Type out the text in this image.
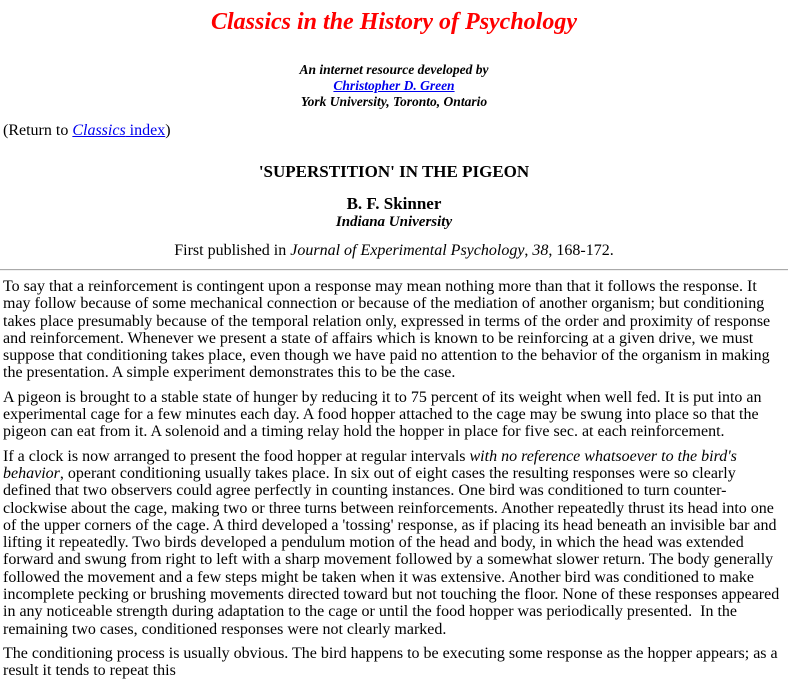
Classics in the History of Psychology
An internet resource developed by
Christopher D. Green
York University, Toronto, Ontario
(Return to Classics index)
'SUPERSTITION' IN THE PIGEON
B. F. Skinner
Indiana University
First published in Journal of Experimental Psychology, 38, 168-172.

To say that a reinforcement is contingent upon a response may mean nothing more than that it follows the response. It may follow because of some mechanical connection or because of the mediation of another organism; but conditioning takes place presumably because of the temporal relation only, expressed in terms of the order and proximity of response and reinforcement. Whenever we present a state of affairs which is known to be reinforcing at a given drive, we must suppose that conditioning takes place, even though we have paid no attention to the behavior of the organism in making the presentation. A simple experiment demonstrates this to be the case.

A pigeon is brought to a stable state of hunger by reducing it to 75 percent of its weight when well fed. It is put into an experimental cage for a few minutes each day. A food hopper attached to the cage may be swung into place so that the pigeon can eat from it. A solenoid and a timing relay hold the hopper in place for five sec. at each reinforcement.

If a clock is now arranged to present the food hopper at regular intervals with no reference whatsoever to the bird's behavior, operant conditioning usually takes place. In six out of eight cases the resulting responses were so clearly defined that two observers could agree perfectly in counting instances. One bird was conditioned to turn counter-clockwise about the cage, making two or three turns between reinforcements. Another repeatedly thrust its head into one of the upper corners of the cage. A third developed a 'tossing' response, as if placing its head beneath an invisible bar and lifting it repeatedly. Two birds developed a pendulum motion of the head and body, in which the head was extended forward and swung from right to left with a sharp movement followed by a somewhat slower return. The body generally followed the movement and a few steps might be taken when it was extensive. Another bird was conditioned to make incomplete pecking or brushing movements directed toward but not touching the floor. None of these responses appeared in any noticeable strength during adaptation to the cage or until the food hopper was periodically presented.  In the remaining two cases, conditioned responses were not clearly marked.

The conditioning process is usually obvious. The bird happens to be executing some response as the hopper appears; as a result it tends to repeat this
